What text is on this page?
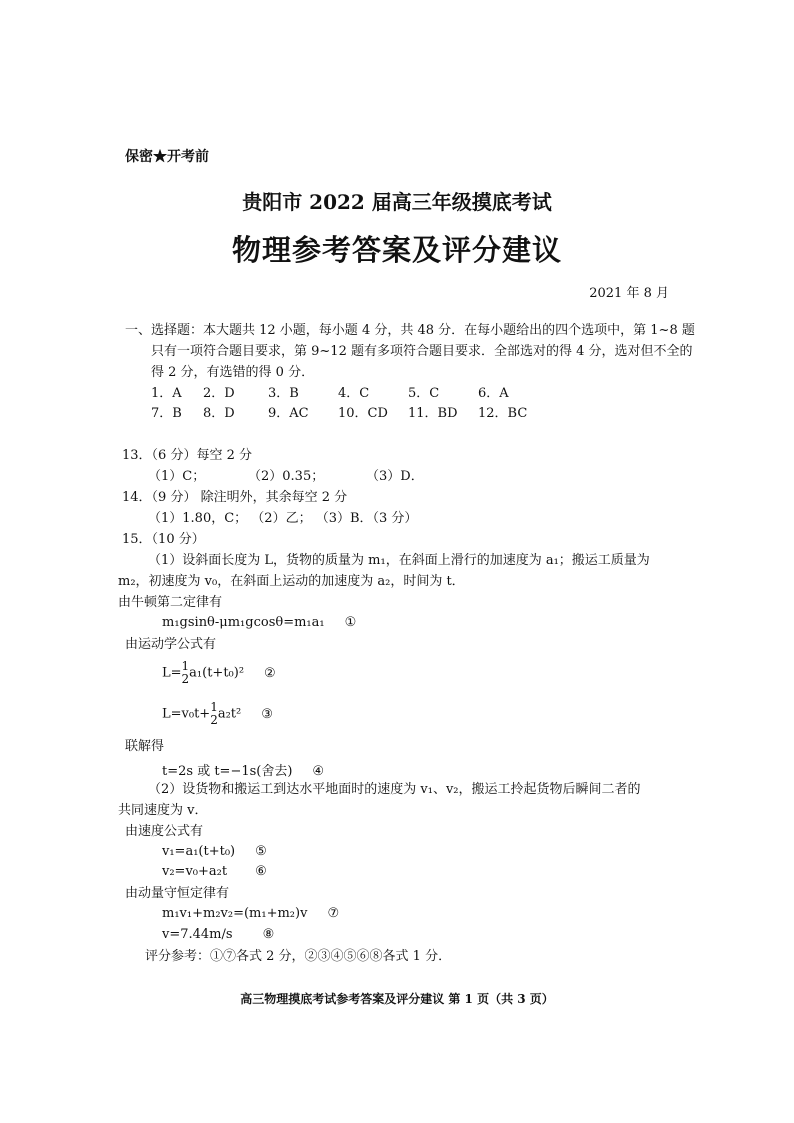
保密★开考前
贵阳市 2022 届高三年级摸底考试
物理参考答案及评分建议
2021 年 8 月
一、选择题：本大题共 12 小题，每小题 4 分，共 48 分．在每小题给出的四个选项中，第 1~8 题只有一项符合题目要求，第 9~12 题有多项符合题目要求．全部选对的得 4 分，选对但不全的得 2 分，有选错的得 0 分．
1．A	2．D	3．B	4．C	5．C	6．A
7．B	8．D	9．AC	10．CD	11．BD	12．BC
13．（6 分）每空 2 分
（1）C；	（2）0.35；	（3）D．
14．（9 分） 除注明外，其余每空 2 分
（1）1.80，C； （2）乙； （3）B．（3 分）
15．（10 分）
（1）设斜面长度为 L，货物的质量为 m₁，在斜面上滑行的加速度为 a₁；搬运工质量为
m₂，初速度为 v₀，在斜面上运动的加速度为 a₂，时间为 t．
由牛顿第二定律有
m₁gsinθ-μm₁gcosθ=m₁a₁ ①
由运动学公式有
L= 1
2 a₁(t+t₀)² ②
L=v₀t+ 1
2 a₂t² ③
联解得
t=2s 或 t=−1s(舍去) ④
（2）设货物和搬运工到达水平地面时的速度为 v₁、v₂，搬运工拎起货物后瞬间二者的
共同速度为 v．
由速度公式有
v₁=a₁(t+t₀) ⑤
v₂=v₀+a₂t ⑥
由动量守恒定律有
m₁v₁+m₂v₂=(m₁+m₂)v ⑦
v=7.44m/s ⑧
评分参考：①⑦各式 2 分，②③④⑤⑥⑧各式 1 分．
高三物理摸底考试参考答案及评分建议 第 1 页（共 3 页）
